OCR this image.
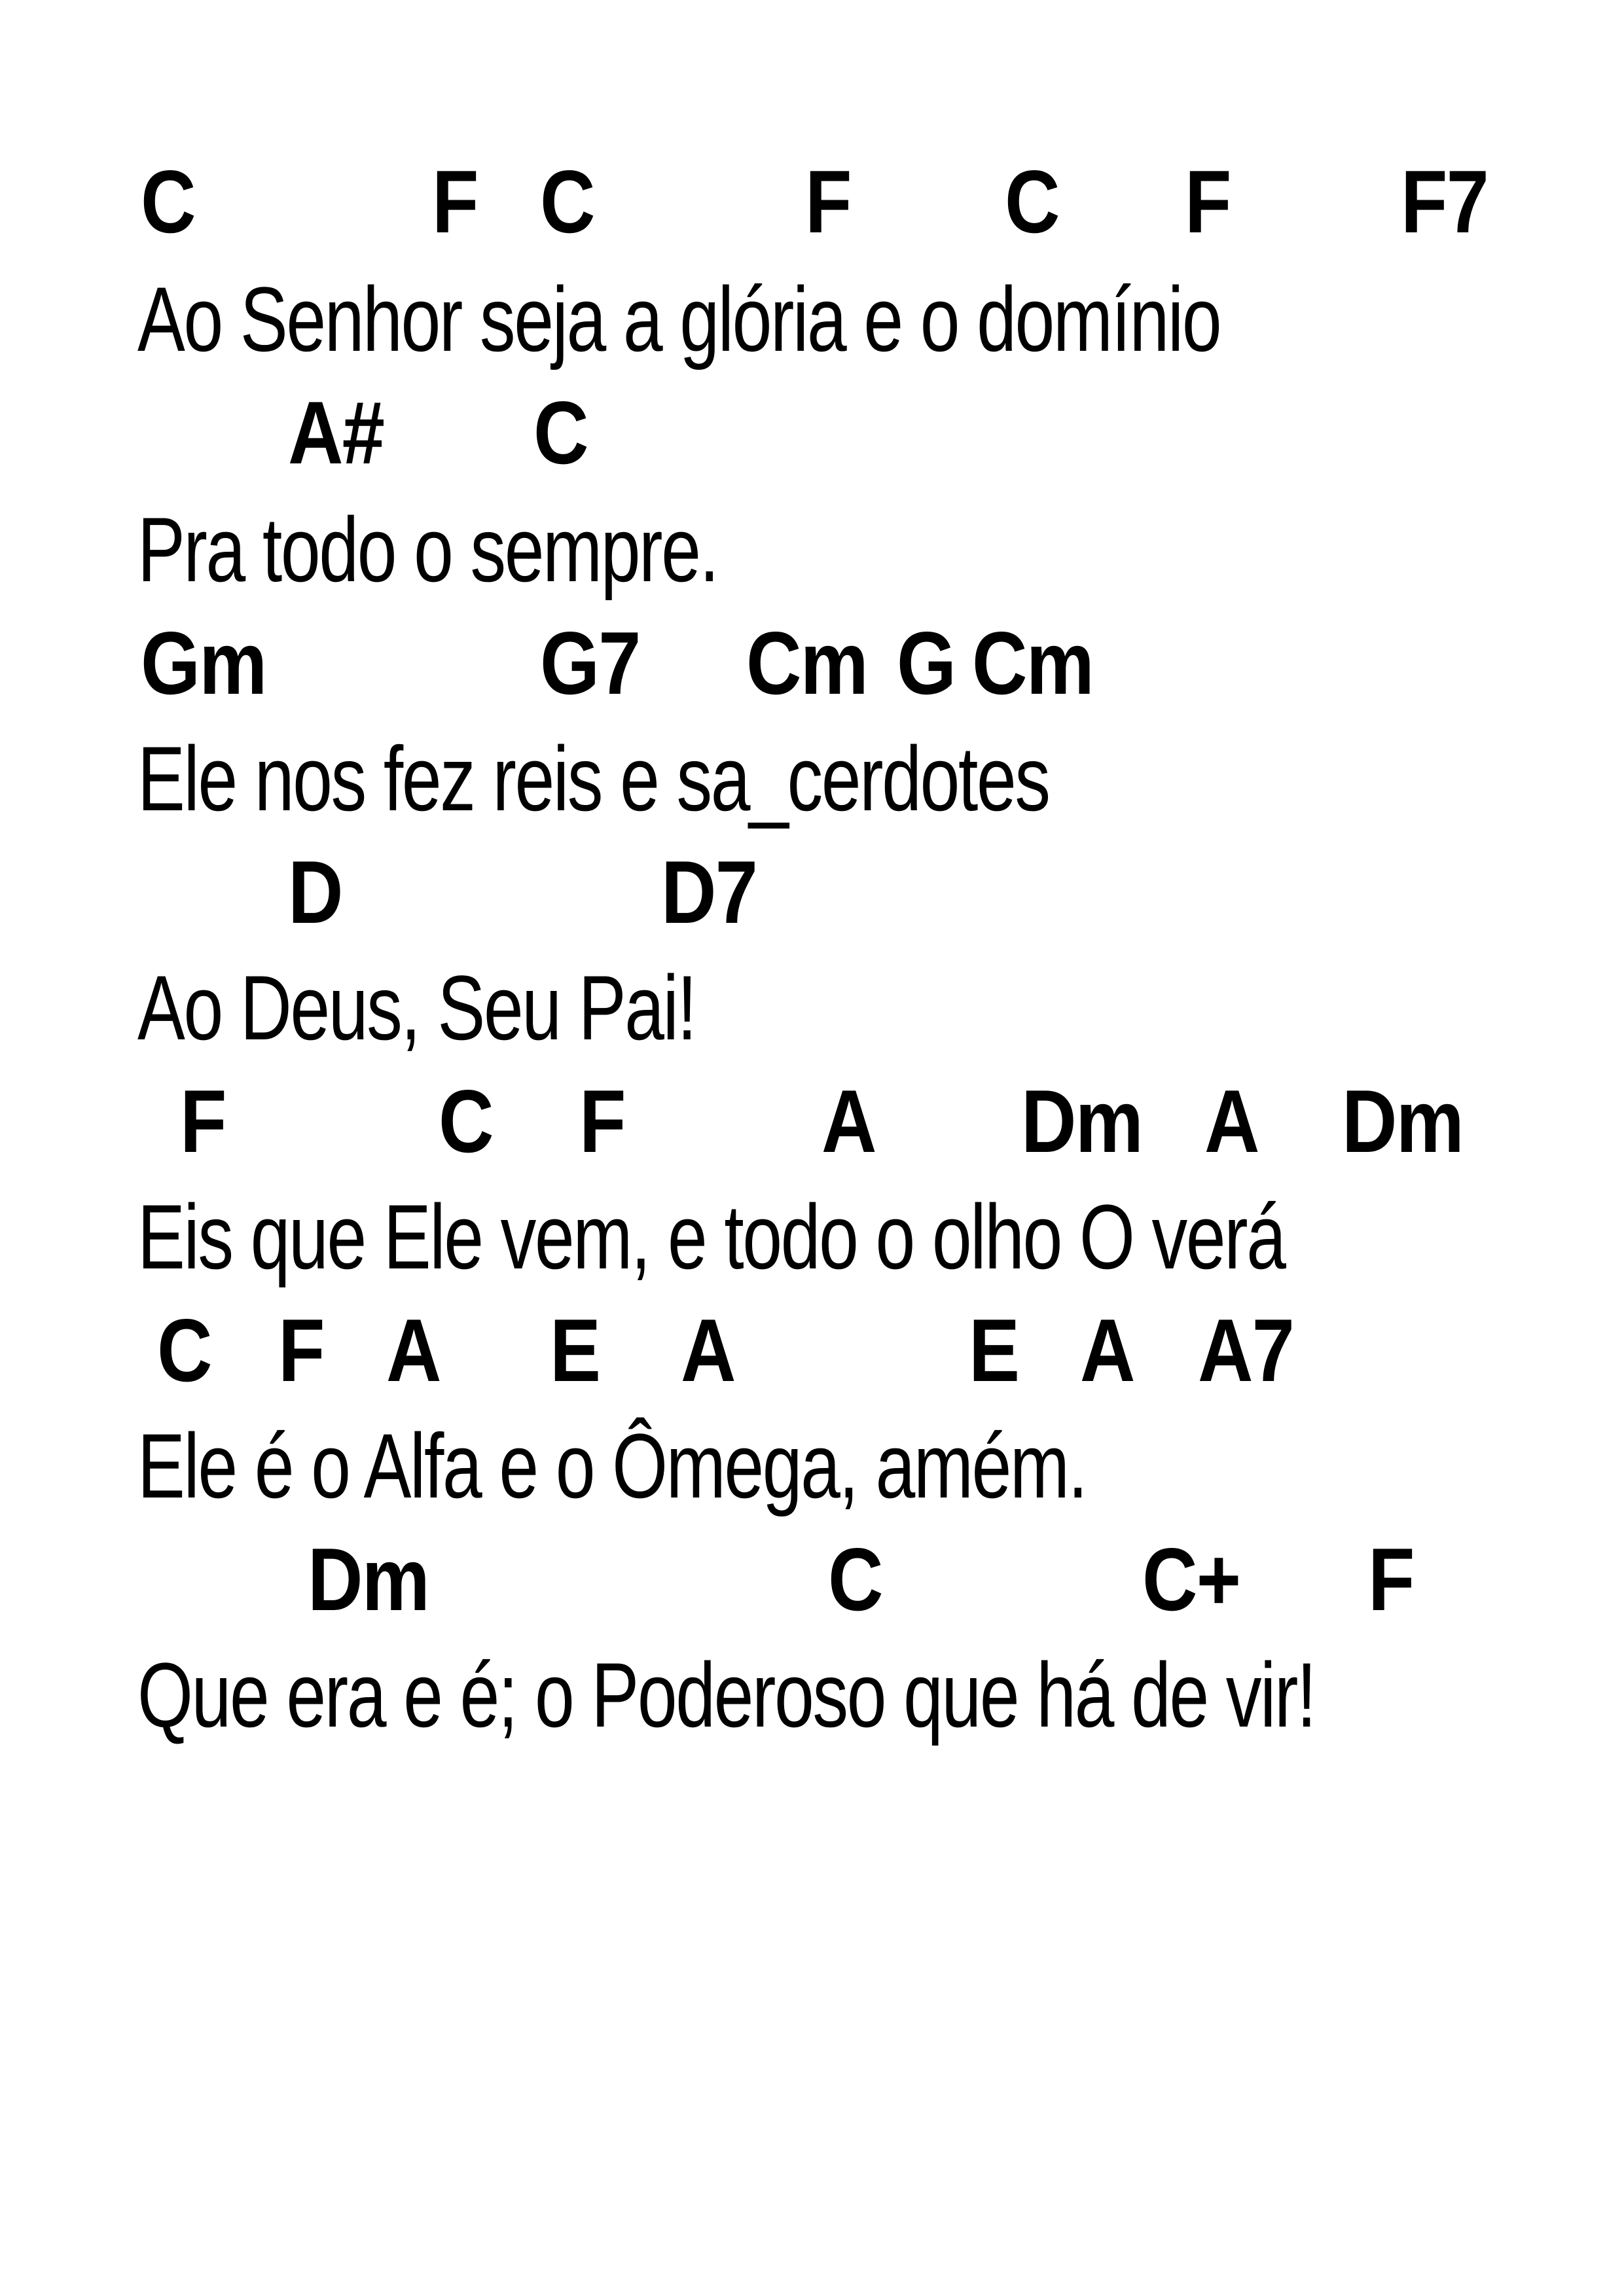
C	F C F C F F7
Ao Senhor seja a glória e o domínio
A# C
Pra todo o sempre.
Gm	G7 Cm G Cm
Ele nos fez reis e sa_cerdotes
D	D7
Ao Deus, Seu Pai!
F C F A Dm A Dm
Eis que Ele vem, e todo o olho O verá
C F A E A	E A A7
Ele é o Alfa e o Ômega, amém.
Dm	C	C+ F
Que era e é; o Poderoso que há de vir!
